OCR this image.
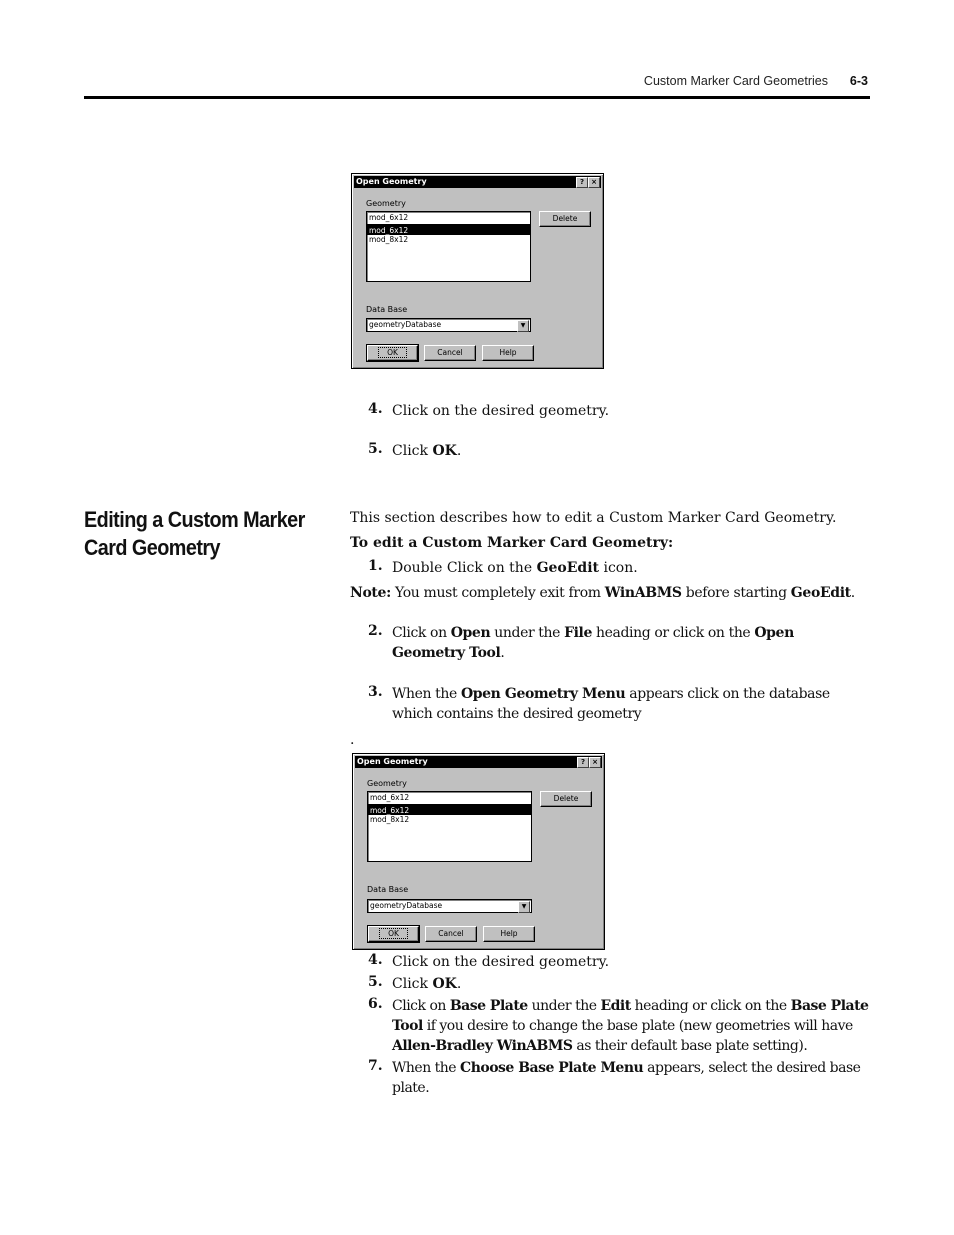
Custom Marker Card Geometries 6-3
Open Geometry	?	×
Geometry
mod_6x12
mod_6x12
mod_8x12
Delete
Data Base
geometryDatabase	▼
OK	Cancel	Help
4. Click on the desired geometry.
5. Click OK.
Editing a Custom Marker Card Geometry
This section describes how to edit a Custom Marker Card Geometry.
To edit a Custom Marker Card Geometry:
1. Double Click on the GeoEdit icon.
Note: You must completely exit from WinABMS before starting GeoEdit.
2. Click on Open under the File heading or click on the Open Geometry Tool.
3. When the Open Geometry Menu appears click on the database which contains the desired geometry
.
Open Geometry	?	×
Geometry
mod_6x12
mod_6x12
mod_8x12
Delete
Data Base
geometryDatabase	▼
OK	Cancel	Help
4. Click on the desired geometry.
5. Click OK.
6. Click on Base Plate under the Edit heading or click on the Base Plate Tool if you desire to change the base plate (new geometries will have Allen-Bradley WinABMS as their default base plate setting).
7. When the Choose Base Plate Menu appears, select the desired base plate.
